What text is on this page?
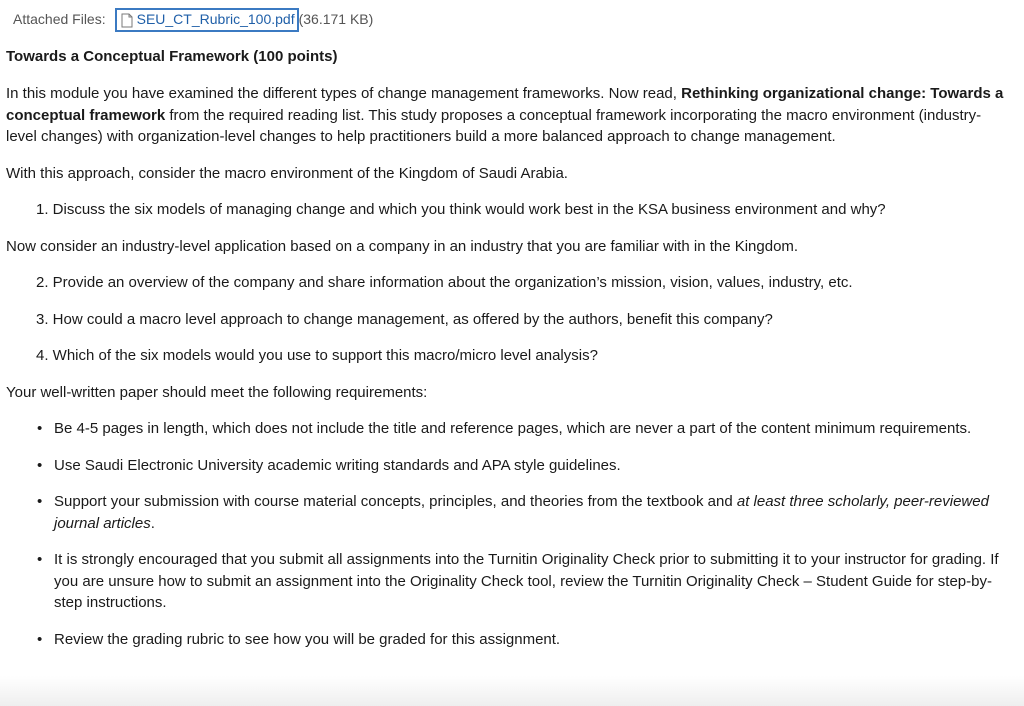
Attached Files: SEU_CT_Rubric_100.pdf (36.171 KB)
Towards a Conceptual Framework (100 points)

In this module you have examined the different types of change management frameworks. Now read, Rethinking organizational change: Towards a conceptual framework from the required reading list. This study proposes a conceptual framework incorporating the macro environment (industry-level changes) with organization-level changes to help practitioners build a more balanced approach to change management.

With this approach, consider the macro environment of the Kingdom of Saudi Arabia.

1. Discuss the six models of managing change and which you think would work best in the KSA business environment and why?

Now consider an industry-level application based on a company in an industry that you are familiar with in the Kingdom.

2. Provide an overview of the company and share information about the organization’s mission, vision, values, industry, etc.
3. How could a macro level approach to change management, as offered by the authors, benefit this company?
4. Which of the six models would you use to support this macro/micro level analysis?

Your well-written paper should meet the following requirements:

• Be 4-5 pages in length, which does not include the title and reference pages, which are never a part of the content minimum requirements.
• Use Saudi Electronic University academic writing standards and APA style guidelines.
• Support your submission with course material concepts, principles, and theories from the textbook and at least three scholarly, peer-reviewed journal articles.
• It is strongly encouraged that you submit all assignments into the Turnitin Originality Check prior to submitting it to your instructor for grading. If you are unsure how to submit an assignment into the Originality Check tool, review the Turnitin Originality Check – Student Guide for step-by-step instructions.
• Review the grading rubric to see how you will be graded for this assignment.
